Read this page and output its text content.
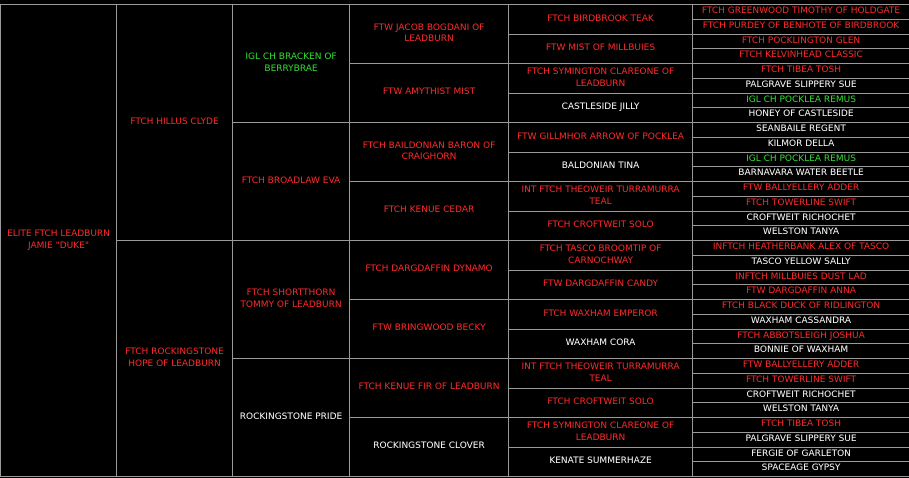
ELITE FTCH LEADBURN JAMIE "DUKE"
FTCH HILLUS CLYDE
FTCH ROCKINGSTONE HOPE OF LEADBURN
IGL CH BRACKEN OF BERRYBRAE
FTCH BROADLAW EVA
FTCH SHORTTHORN TOMMY OF LEADBURN
ROCKINGSTONE PRIDE
FTW JACOB BOGDANI OF LEADBURN
FTW AMYTHIST MIST
FTCH BAILDONIAN BARON OF CRAIGHORN
FTCH KENUE CEDAR
FTCH DARGDAFFIN DYNAMO
FTW BRINGWOOD BECKY
FTCH KENUE FIR OF LEADBURN
ROCKINGSTONE CLOVER
FTCH BIRDBROOK TEAK
FTW MIST OF MILLBUIES
FTCH SYMINGTON CLAREONE OF LEADBURN
CASTLESIDE JILLY
FTW GILLMHOR ARROW OF POCKLEA
BALDONIAN TINA
INT FTCH THEOWEIR TURRAMURRA TEAL
FTCH CROFTWEIT SOLO
FTCH TASCO BROOMTIP OF CARNOCHWAY
FTW DARGDAFFIN CANDY
FTCH WAXHAM EMPEROR
WAXHAM CORA
INT FTCH THEOWEIR TURRAMURRA TEAL
FTCH CROFTWEIT SOLO
FTCH SYMINGTON CLAREONE OF LEADBURN
KENATE SUMMERHAZE
FTCH GREENWOOD TIMOTHY OF HOLDGATE
FTCH PURDEY OF BENHOTE OF BIRDBROOK
FTCH POCKLINGTON GLEN
FTCH KELVINHEAD CLASSIC
FTCH TIBEA TOSH
PALGRAVE SLIPPERY SUE
IGL CH POCKLEA REMUS
HONEY OF CASTLESIDE
SEANBAILE REGENT
KILMOR DELLA
IGL CH POCKLEA REMUS
BARNAVARA WATER BEETLE
FTW BALLYELLERY ADDER
FTCH TOWERLINE SWIFT
CROFTWEIT RICHOCHET
WELSTON TANYA
INFTCH HEATHERBANK ALEX OF TASCO
TASCO YELLOW SALLY
INFTCH MILLBUIES DUST LAD
FTW DARGDAFFIN ANNA
FTCH BLACK DUCK OF RIDLINGTON
WAXHAM CASSANDRA
FTCH ABBOTSLEIGH JOSHUA
BONNIE OF WAXHAM
FTW BALLYELLERY ADDER
FTCH TOWERLINE SWIFT
CROFTWEIT RICHOCHET
WELSTON TANYA
FTCH TIBEA TOSH
PALGRAVE SLIPPERY SUE
FERGIE OF GARLETON
SPACEAGE GYPSY
